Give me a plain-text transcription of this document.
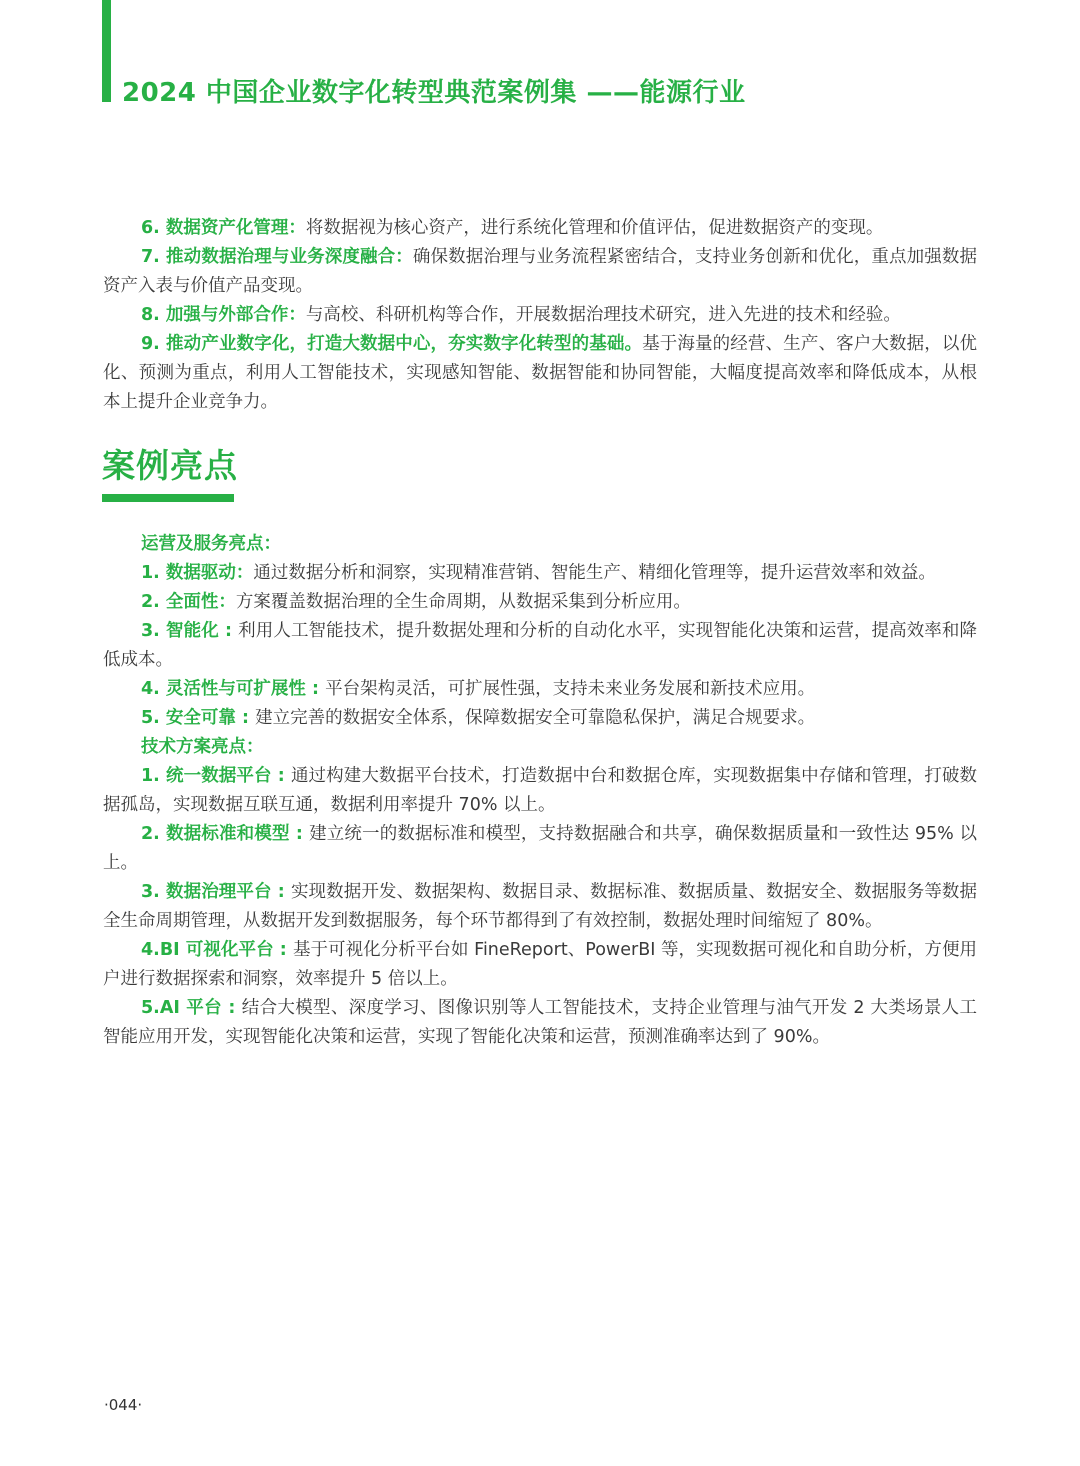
2024 中国企业数字化转型典范案例集 ——能源行业

6. 数据资产化管理：将数据视为核心资产，进行系统化管理和价值评估，促进数据资产的变现。

7. 推动数据治理与业务深度融合：确保数据治理与业务流程紧密结合，支持业务创新和优化，重点加强数据资产入表与价值产品变现。

8. 加强与外部合作：与高校、科研机构等合作，开展数据治理技术研究，进入先进的技术和经验。

9. 推动产业数字化，打造大数据中心，夯实数字化转型的基础。基于海量的经营、生产、客户大数据，以优化、预测为重点，利用人工智能技术，实现感知智能、数据智能和协同智能，大幅度提高效率和降低成本，从根本上提升企业竞争力。

案例亮点

运营及服务亮点：

1. 数据驱动：通过数据分析和洞察，实现精准营销、智能生产、精细化管理等，提升运营效率和效益。

2. 全面性：方案覆盖数据治理的全生命周期，从数据采集到分析应用。

3. 智能化 : 利用人工智能技术，提升数据处理和分析的自动化水平，实现智能化决策和运营，提高效率和降低成本。

4. 灵活性与可扩展性 : 平台架构灵活，可扩展性强，支持未来业务发展和新技术应用。

5. 安全可靠 : 建立完善的数据安全体系，保障数据安全可靠隐私保护，满足合规要求。

技术方案亮点：

1. 统一数据平台 : 通过构建大数据平台技术，打造数据中台和数据仓库，实现数据集中存储和管理，打破数据孤岛，实现数据互联互通，数据利用率提升 70% 以上。

2. 数据标准和模型 : 建立统一的数据标准和模型，支持数据融合和共享，确保数据质量和一致性达 95% 以上。

3. 数据治理平台 : 实现数据开发、数据架构、数据目录、数据标准、数据质量、数据安全、数据服务等数据全生命周期管理，从数据开发到数据服务，每个环节都得到了有效控制，数据处理时间缩短了 80%。

4.BI 可视化平台 : 基于可视化分析平台如 FineReport、PowerBI 等，实现数据可视化和自助分析，方便用户进行数据探索和洞察，效率提升 5 倍以上。

5.AI 平台 : 结合大模型、深度学习、图像识别等人工智能技术，支持企业管理与油气开发 2 大类场景人工智能应用开发，实现智能化决策和运营，实现了智能化决策和运营，预测准确率达到了 90%。

·044·
